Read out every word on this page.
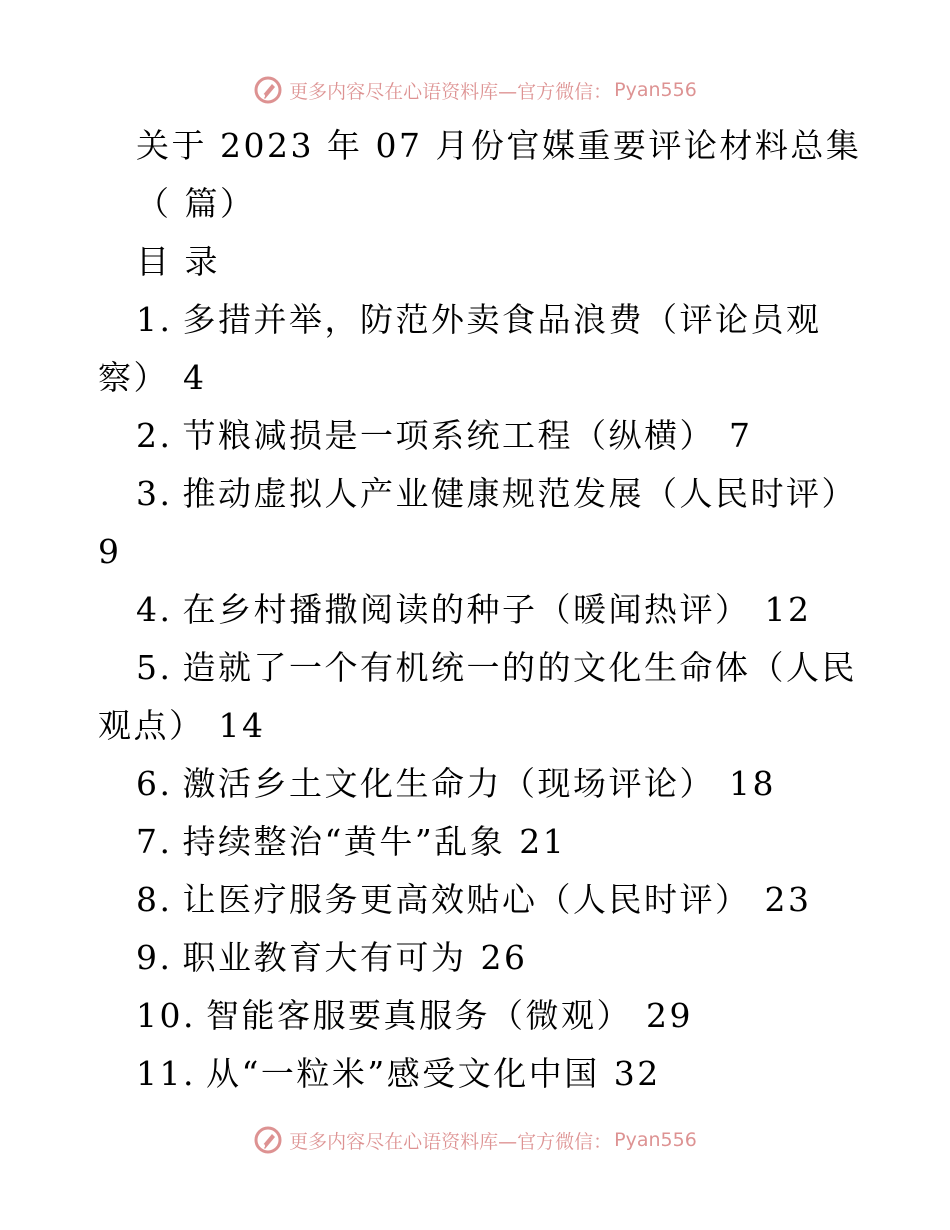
更多内容尽在心语资料库—官方微信： Pyan556
关于 2023 年 07 月份官媒重要评论材料总集
（ 篇）
目 录
1. 多措并举，防范外卖食品浪费（评论员观
察） 4
2. 节粮减损是一项系统工程（纵横） 7
3. 推动虚拟人产业健康规范发展（人民时评）
9
4. 在乡村播撒阅读的种子（暖闻热评） 12
5. 造就了一个有机统一的的文化生命体（人民
观点） 14
6. 激活乡土文化生命力（现场评论） 18
7. 持续整治“黄牛”乱象 21
8. 让医疗服务更高效贴心（人民时评） 23
9. 职业教育大有可为 26
10. 智能客服要真服务（微观） 29
11. 从“一粒米”感受文化中国 32
更多内容尽在心语资料库—官方微信： Pyan556
